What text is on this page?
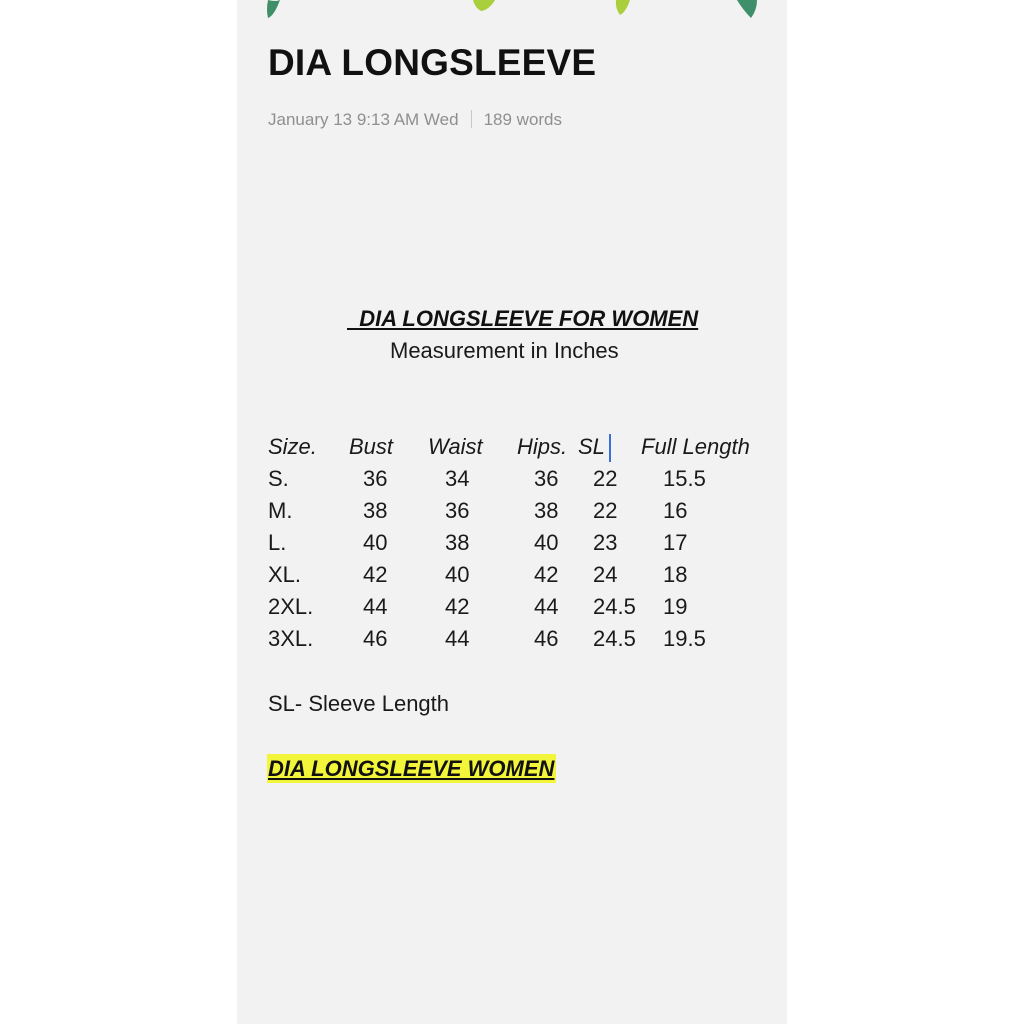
DIA LONGSLEEVE
January 13 9:13 AM Wed 189 words
DIA LONGSLEEVE FOR WOMEN
Measurement in Inches
Size. Bust Waist Hips. SL Full Length
S.	36	34	36 22 15.5
M.	38	36	38 22 16
L.	40	38	40 23 17
XL.	42	40	42 24 18
2XL. 44	42	44 24.5 19
3XL. 46	44	46 24.5 19.5
SL- Sleeve Length
DIA LONGSLEEVE WOMEN
